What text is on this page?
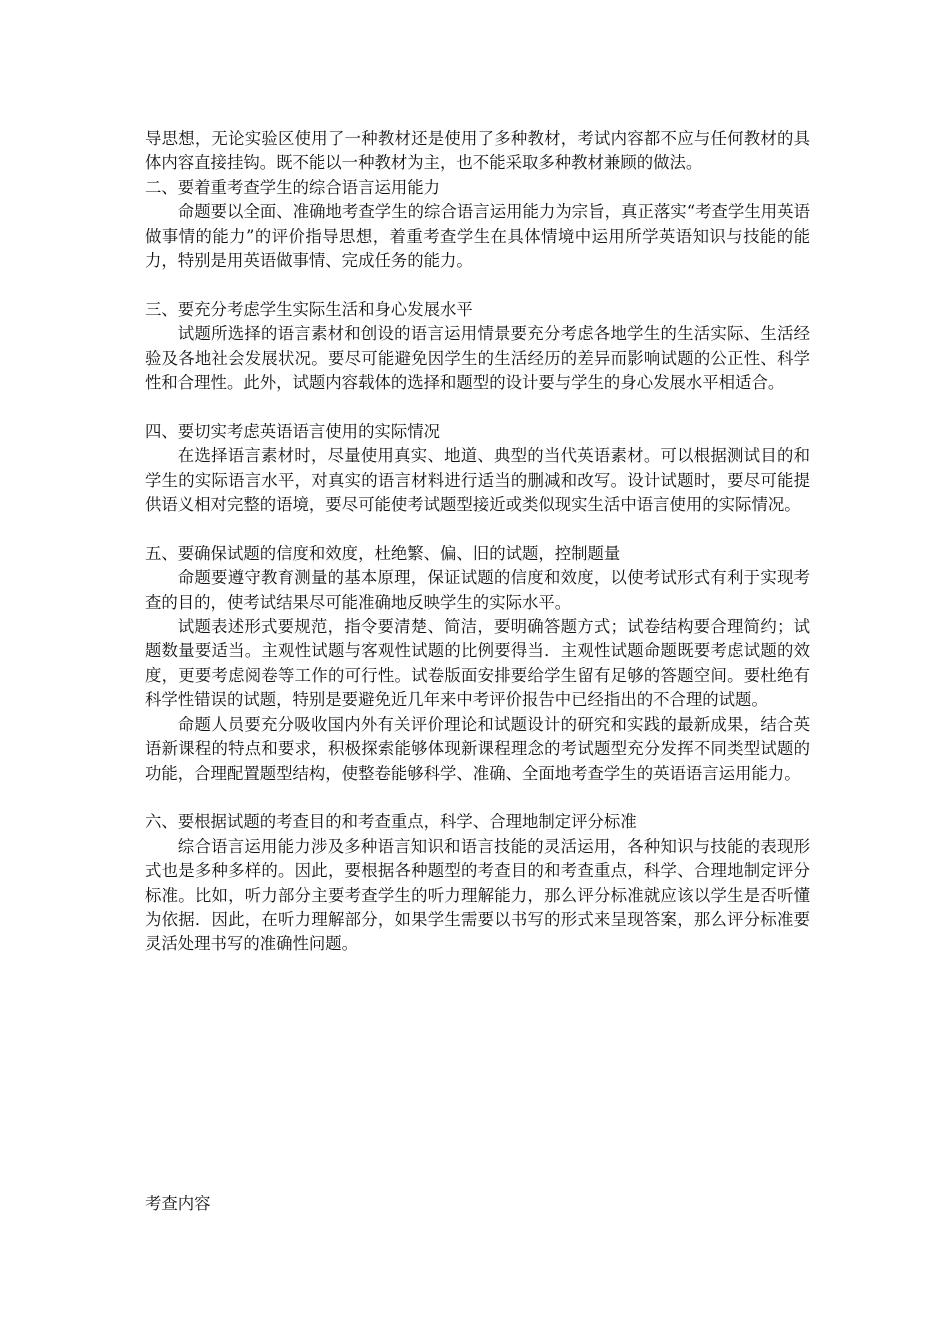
导思想，无论实验区使用了一种教材还是使用了多种教材，考试内容都不应与任何教材的具体内容直接挂钩。既不能以一种教材为主，也不能采取多种教材兼顾的做法。

二、要着重考查学生的综合语言运用能力

命题要以全面、准确地考查学生的综合语言运用能力为宗旨，真正落实“考查学生用英语做事情的能力”的评价指导思想，着重考查学生在具体情境中运用所学英语知识与技能的能力，特别是用英语做事情、完成任务的能力。

三、要充分考虑学生实际生活和身心发展水平

试题所选择的语言素材和创设的语言运用情景要充分考虑各地学生的生活实际、生活经验及各地社会发展状况。要尽可能避免因学生的生活经历的差异而影响试题的公正性、科学性和合理性。此外，试题内容载体的选择和题型的设计要与学生的身心发展水平相适合。

四、要切实考虑英语语言使用的实际情况

在选择语言素材时，尽量使用真实、地道、典型的当代英语素材。可以根据测试目的和学生的实际语言水平，对真实的语言材料进行适当的删减和改写。设计试题时，要尽可能提供语义相对完整的语境，要尽可能使考试题型接近或类似现实生活中语言使用的实际情况。

五、要确保试题的信度和效度，杜绝繁、偏、旧的试题，控制题量

命题要遵守教育测量的基本原理，保证试题的信度和效度，以使考试形式有利于实现考查的目的，使考试结果尽可能准确地反映学生的实际水平。

试题表述形式要规范，指令要清楚、简洁，要明确答题方式；试卷结构要合理简约；试题数量要适当。主观性试题与客观性试题的比例要得当．主观性试题命题既要考虑试题的效度，更要考虑阅卷等工作的可行性。试卷版面安排要给学生留有足够的答题空间。要杜绝有科学性错误的试题，特别是要避免近几年来中考评价报告中已经指出的不合理的试题。

命题人员要充分吸收国内外有关评价理论和试题设计的研究和实践的最新成果，结合英语新课程的特点和要求，积极探索能够体现新课程理念的考试题型充分发挥不同类型试题的功能，合理配置题型结构，使整卷能够科学、准确、全面地考查学生的英语语言运用能力。

六、要根据试题的考查目的和考查重点，科学、合理地制定评分标准

综合语言运用能力涉及多种语言知识和语言技能的灵活运用，各种知识与技能的表现形式也是多种多样的。因此，要根据各种题型的考查目的和考查重点，科学、合理地制定评分标准。比如，听力部分主要考查学生的听力理解能力，那么评分标准就应该以学生是否听懂为依据．因此，在听力理解部分，如果学生需要以书写的形式来呈现答案，那么评分标准要灵活处理书写的准确性问题。

考查内容
